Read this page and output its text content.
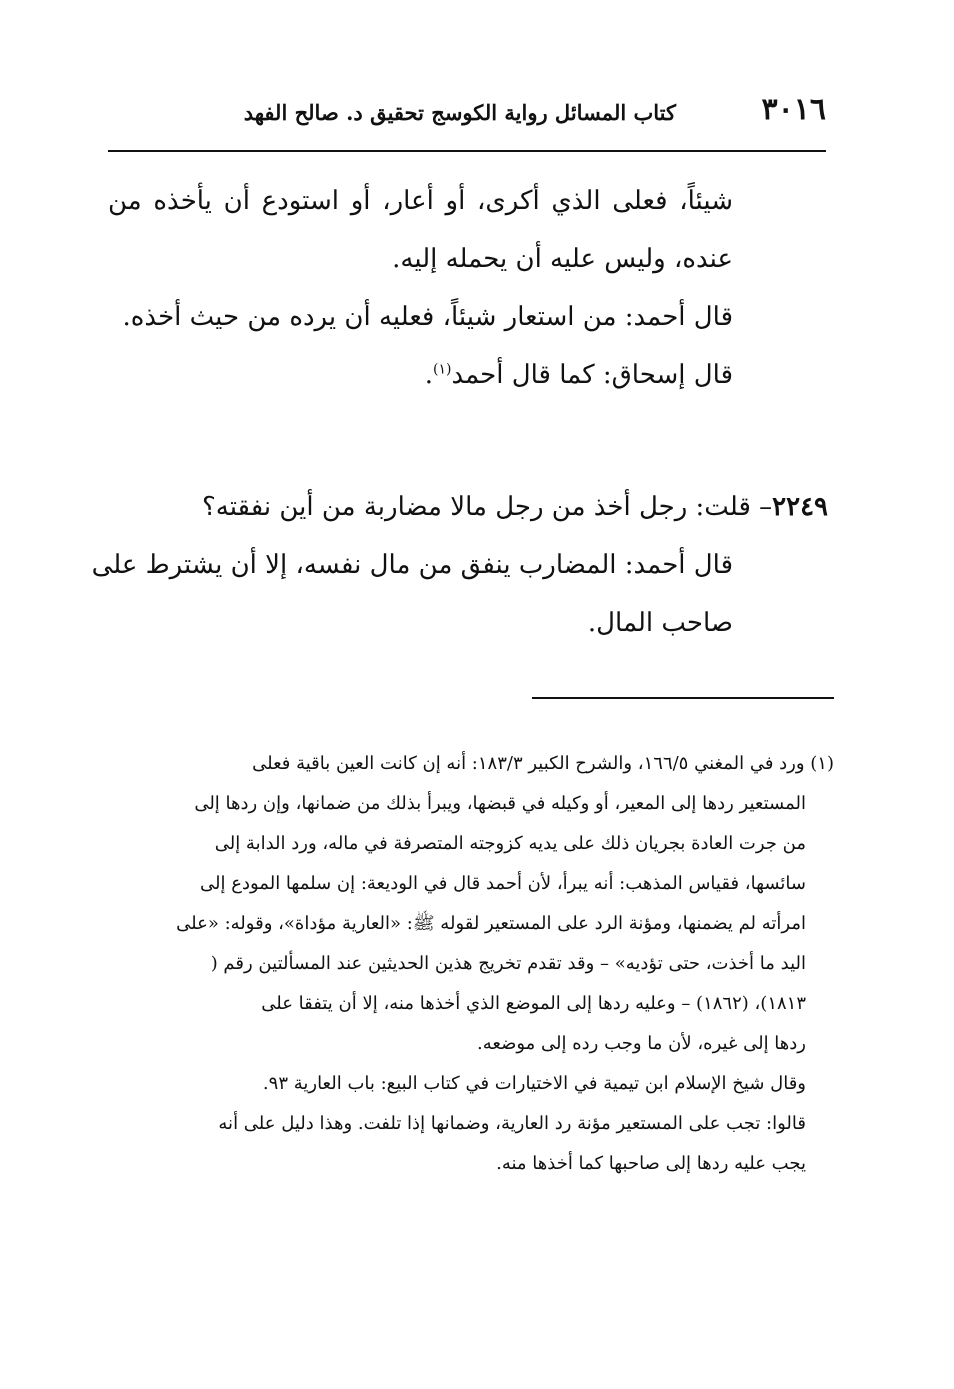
٣٠١٦
كتاب المسائل رواية الكوسج تحقيق د. صالح الفهد
شيئاً، فعلى الذي أكرى، أو أعار، أو استودع أن يأخذه من
عنده، وليس عليه أن يحمله إليه.
قال أحمد: من استعار شيئاً، فعليه أن يرده من حيث أخذه.
قال إسحاق: كما قال أحمد$^{(١)}$.
٢٢٤٩– قلت: رجل أخذ من رجل مالا مضاربة من أين نفقته؟
قال أحمد: المضارب ينفق من مال نفسه، إلا أن يشترط على
صاحب المال.
(١) ورد في المغني ١٦٦/٥، والشرح الكبير ١٨٣/٣: أنه إن كانت العين باقية فعلى
المستعير ردها إلى المعير، أو وكيله في قبضها، ويبرأ بذلك من ضمانها، وإن ردها إلى
من جرت العادة بجريان ذلك على يديه كزوجته المتصرفة في ماله، ورد الدابة إلى
سائسها، فقياس المذهب: أنه يبرأ، لأن أحمد قال في الوديعة: إن سلمها المودع إلى
امرأته لم يضمنها، ومؤنة الرد على المستعير لقوله ﷺ: «العارية مؤداة»، وقوله: «على
اليد ما أخذت، حتى تؤديه» – وقد تقدم تخريج هذين الحديثين عند المسألتين رقم (
١٨١٣)، (١٨٦٢) – وعليه ردها إلى الموضع الذي أخذها منه، إلا أن يتفقا على
ردها إلى غيره، لأن ما وجب رده إلى موضعه.
وقال شيخ الإسلام ابن تيمية في الاختيارات في كتاب البيع: باب العارية ٩٣.
قالوا: تجب على المستعير مؤنة رد العارية، وضمانها إذا تلفت. وهذا دليل على أنه
يجب عليه ردها إلى صاحبها كما أخذها منه.
